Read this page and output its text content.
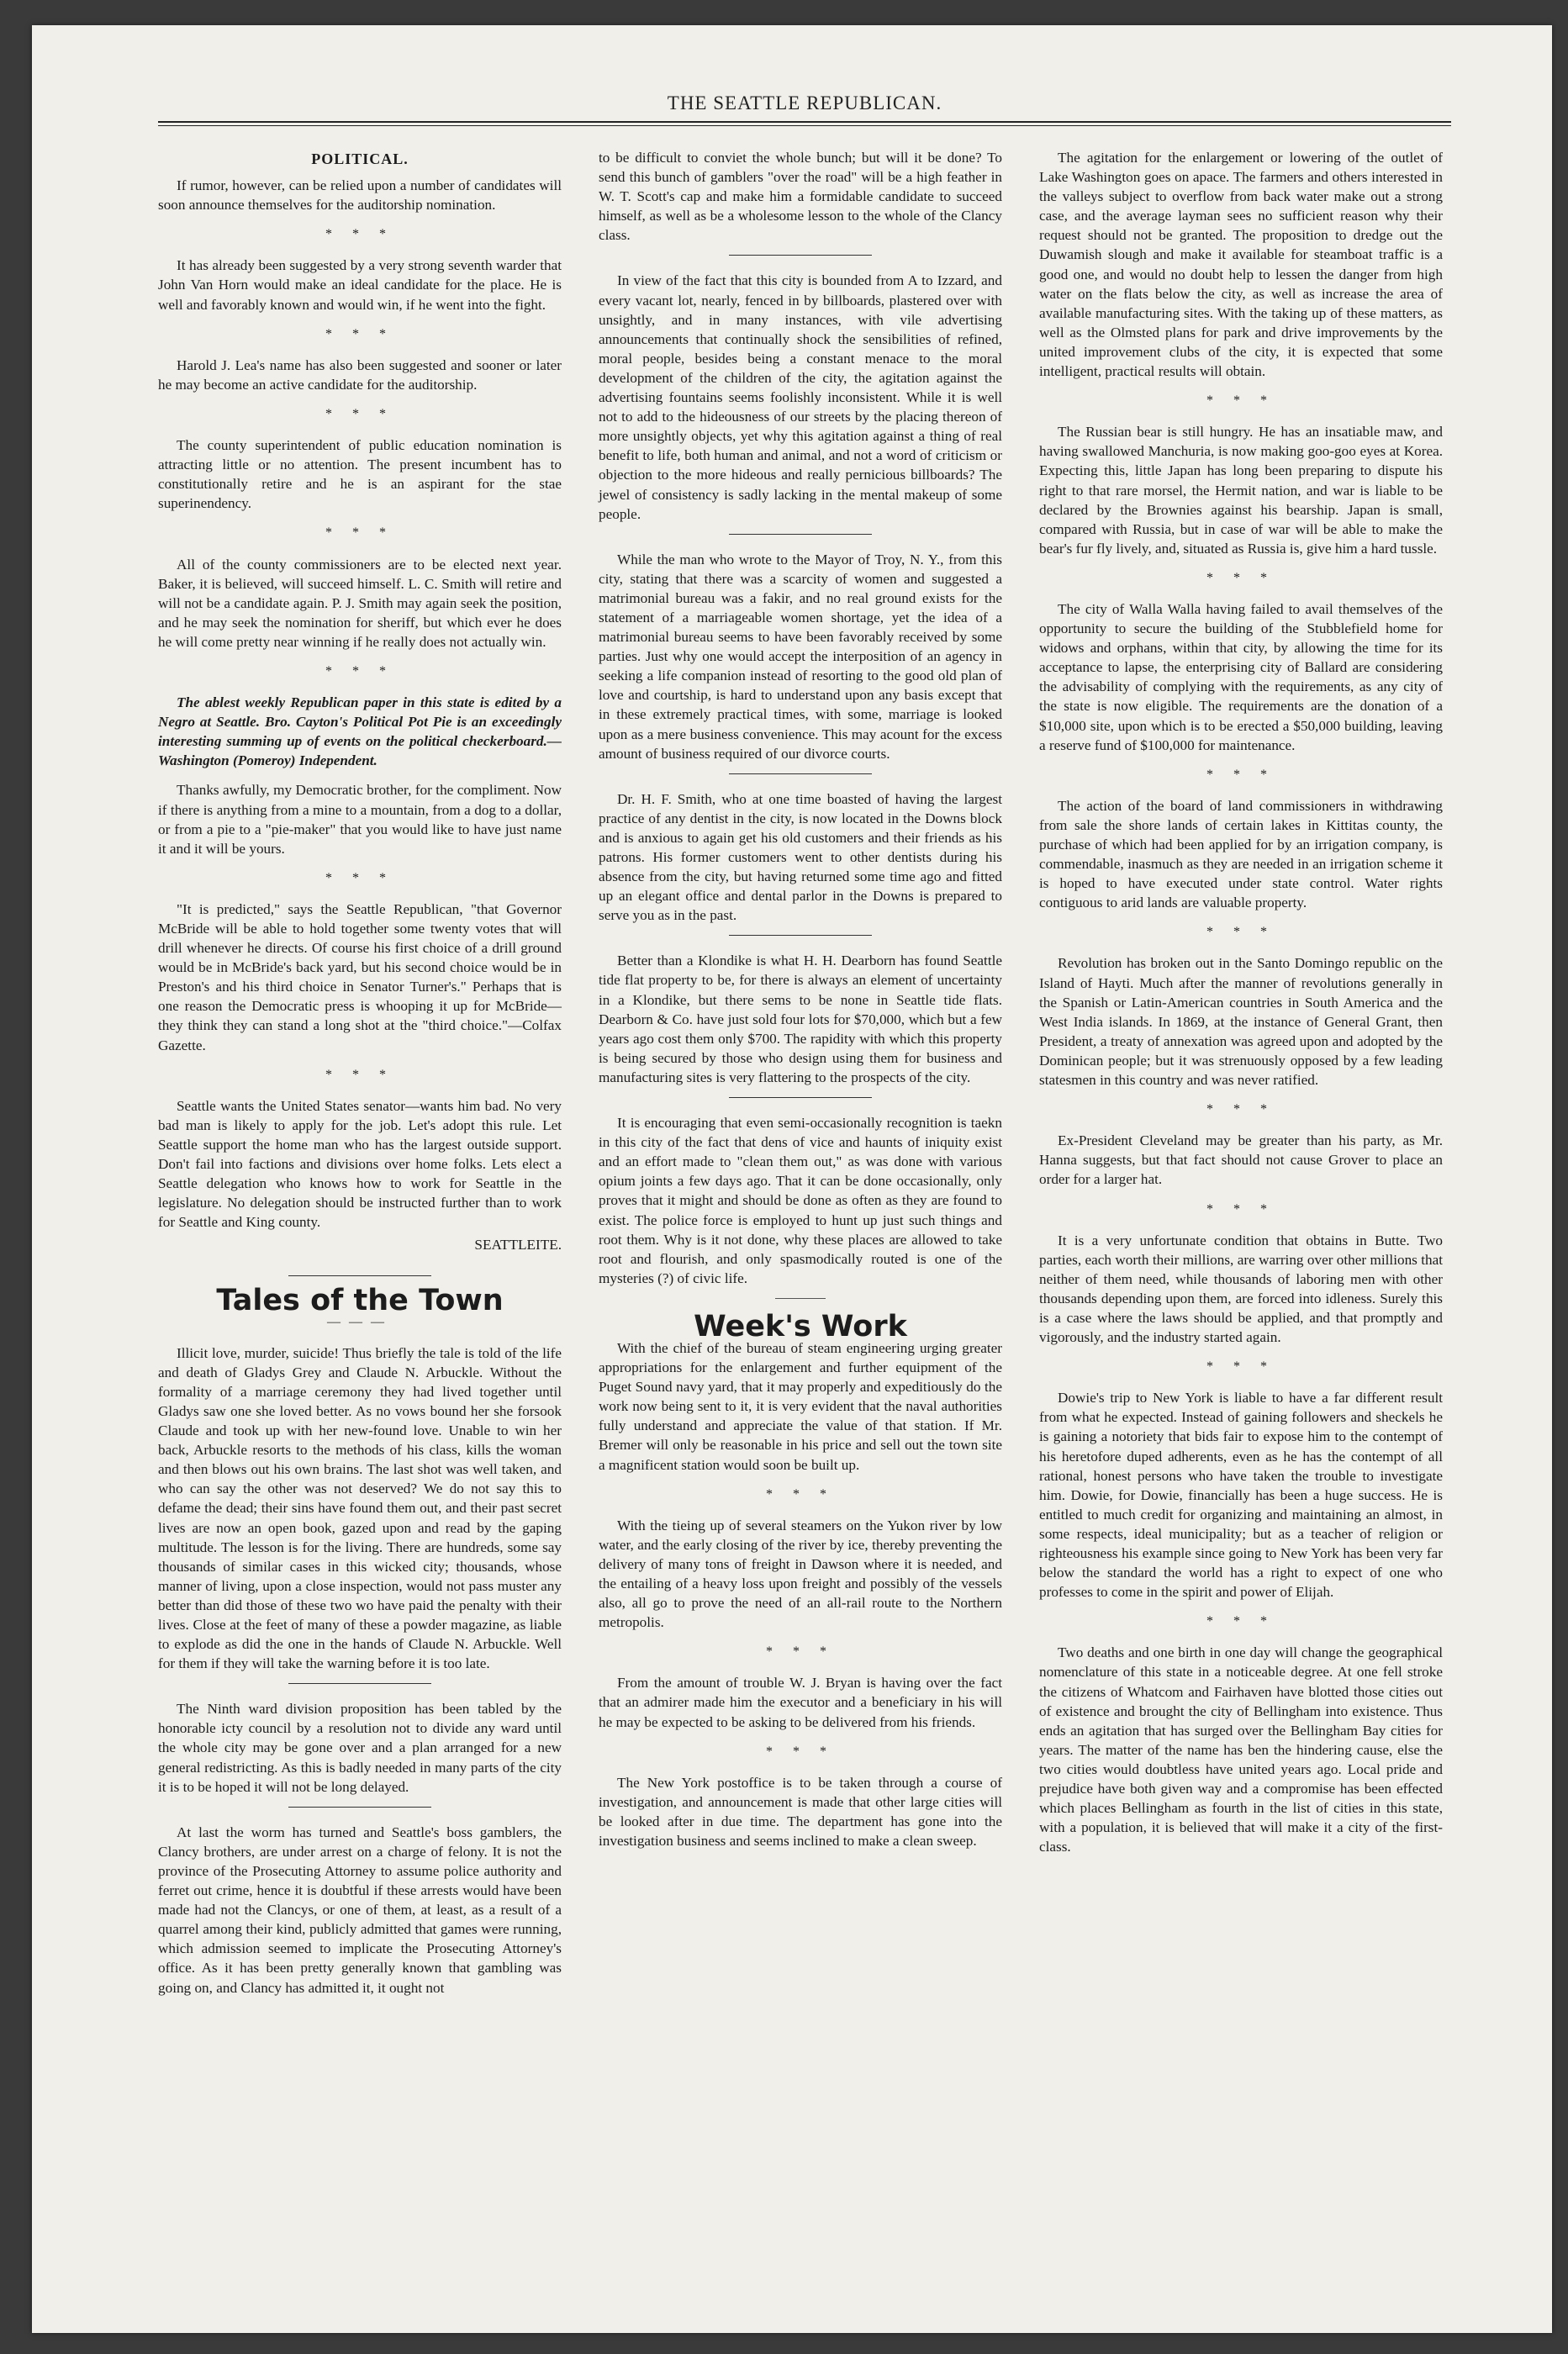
THE SEATTLE REPUBLICAN.
POLITICAL.

If rumor, however, can be relied upon a number of candidates will soon announce themselves for the auditorship nomination.

* * *

It has already been suggested by a very strong seventh warder that John Van Horn would make an ideal candidate for the place. He is well and favorably known and would win, if he went into the fight.

* * *

Harold J. Lea's name has also been suggested and sooner or later he may become an active candidate for the auditorship.

* * *

The county superintendent of public education nomination is attracting little or no attention. The present incumbent has to constitutionally retire and he is an aspirant for the stae superinendency.

* * *

All of the county commissioners are to be elected next year. Baker, it is believed, will succeed himself. L. C. Smith will retire and will not be a candidate again. P. J. Smith may again seek the position, and he may seek the nomination for sheriff, but which ever he does he will come pretty near winning if he really does not actually win.

* * *

The ablest weekly Republican paper in this state is edited by a Negro at Seattle. Bro. Cayton's Political Pot Pie is an exceedingly interesting summing up of events on the political checkerboard.—Washington (Pomeroy) Independent.

Thanks awfully, my Democratic brother, for the compliment. Now if there is anything from a mine to a mountain, from a dog to a dollar, or from a pie to a "pie-maker" that you would like to have just name it and it will be yours.

* * *

"It is predicted," says the Seattle Republican, "that Governor McBride will be able to hold together some twenty votes that will drill whenever he directs. Of course his first choice of a drill ground would be in McBride's back yard, but his second choice would be in Preston's and his third choice in Senator Turner's." Perhaps that is one reason the Democratic press is whooping it up for McBride—they think they can stand a long shot at the "third choice."—Colfax Gazette.

* * *

Seattle wants the United States senator—wants him bad. No very bad man is likely to apply for the job. Let's adopt this rule. Let Seattle support the home man who has the largest outside support. Don't fail into factions and divisions over home folks. Lets elect a Seattle delegation who knows how to work for Seattle in the legislature. No delegation should be instructed further than to work for Seattle and King county.

SEATTLEITE.
Tales of the Town
———

Illicit love, murder, suicide! Thus briefly the tale is told of the life and death of Gladys Grey and Claude N. Arbuckle. Without the formality of a marriage ceremony they had lived together until Gladys saw one she loved better. As no vows bound her she forsook Claude and took up with her new-found love. Unable to win her back, Arbuckle resorts to the methods of his class, kills the woman and then blows out his own brains. The last shot was well taken, and who can say the other was not deserved? We do not say this to defame the dead; their sins have found them out, and their past secret lives are now an open book, gazed upon and read by the gaping multitude. The lesson is for the living. There are hundreds, some say thousands of similar cases in this wicked city; thousands, whose manner of living, upon a close inspection, would not pass muster any better than did those of these two wo have paid the penalty with their lives. Close at the feet of many of these a powder magazine, as liable to explode as did the one in the hands of Claude N. Arbuckle. Well for them if they will take the warning before it is too late.

The Ninth ward division proposition has been tabled by the honorable icty council by a resolution not to divide any ward until the whole city may be gone over and a plan arranged for a new general redistricting. As this is badly needed in many parts of the city it is to be hoped it will not be long delayed.

At last the worm has turned and Seattle's boss gamblers, the Clancy brothers, are under arrest on a charge of felony. It is not the province of the Prosecuting Attorney to assume police authority and ferret out crime, hence it is doubtful if these arrests would have been made had not the Clancys, or one of them, at least, as a result of a quarrel among their kind, publicly admitted that games were running, which admission seemed to implicate the Prosecuting Attorney's office. As it has been pretty generally known that gambling was going on, and Clancy has admitted it, it ought not

to be difficult to conviet the whole bunch; but will it be done? To send this bunch of gamblers "over the road" will be a high feather in W. T. Scott's cap and make him a formidable candidate to succeed himself, as well as be a wholesome lesson to the whole of the Clancy class.

In view of the fact that this city is bounded from A to Izzard, and every vacant lot, nearly, fenced in by billboards, plastered over with unsightly, and in many instances, with vile advertising announcements that continually shock the sensibilities of refined, moral people, besides being a constant menace to the moral development of the children of the city, the agitation against the advertising fountains seems foolishly inconsistent. While it is well not to add to the hideousness of our streets by the placing thereon of more unsightly objects, yet why this agitation against a thing of real benefit to life, both human and animal, and not a word of criticism or objection to the more hideous and really pernicious billboards? The jewel of consistency is sadly lacking in the mental makeup of some people.

While the man who wrote to the Mayor of Troy, N. Y., from this city, stating that there was a scarcity of women and suggested a matrimonial bureau was a fakir, and no real ground exists for the statement of a marriageable women shortage, yet the idea of a matrimonial bureau seems to have been favorably received by some parties. Just why one would accept the interposition of an agency in seeking a life companion instead of resorting to the good old plan of love and courtship, is hard to understand upon any basis except that in these extremely practical times, with some, marriage is looked upon as a mere business convenience. This may acount for the excess amount of business required of our divorce courts.

Dr. H. F. Smith, who at one time boasted of having the largest practice of any dentist in the city, is now located in the Downs block and is anxious to again get his old customers and their friends as his patrons. His former customers went to other dentists during his absence from the city, but having returned some time ago and fitted up an elegant office and dental parlor in the Downs is prepared to serve you as in the past.

Better than a Klondike is what H. H. Dearborn has found Seattle tide flat property to be, for there is always an element of uncertainty in a Klondike, but there sems to be none in Seattle tide flats. Dearborn & Co. have just sold four lots for $70,000, which but a few years ago cost them only $700. The rapidity with which this property is being secured by those who design using them for business and manufacturing sites is very flattering to the prospects of the city.

It is encouraging that even semi-occasionally recognition is taekn in this city of the fact that dens of vice and haunts of iniquity exist and an effort made to "clean them out," as was done with various opium joints a few days ago. That it can be done occasionally, only proves that it might and should be done as often as they are found to exist. The police force is employed to hunt up just such things and root them. Why is it not done, why these places are allowed to take root and flourish, and only spasmodically routed is one of the mysteries (?) of civic life.

Week's Work

With the chief of the bureau of steam engineering urging greater appropriations for the enlargement and further equipment of the Puget Sound navy yard, that it may properly and expeditiously do the work now being sent to it, it is very evident that the naval authorities fully understand and appreciate the value of that station. If Mr. Bremer will only be reasonable in his price and sell out the town site a magnificent station would soon be built up.

* * *

With the tieing up of several steamers on the Yukon river by low water, and the early closing of the river by ice, thereby preventing the delivery of many tons of freight in Dawson where it is needed, and the entailing of a heavy loss upon freight and possibly of the vessels also, all go to prove the need of an all-rail route to the Northern metropolis.

* * *

From the amount of trouble W. J. Bryan is having over the fact that an admirer made him the executor and a beneficiary in his will he may be expected to be asking to be delivered from his friends.

* * *

The New York postoffice is to be taken through a course of investigation, and announcement is made that other large cities will be looked after in due time. The department has gone into the investigation business and seems inclined to make a clean sweep.

The agitation for the enlargement or lowering of the outlet of Lake Washington goes on apace. The farmers and others interested in the valleys subject to overflow from back water make out a strong case, and the average layman sees no sufficient reason why their request should not be granted. The proposition to dredge out the Duwamish slough and make it available for steamboat traffic is a good one, and would no doubt help to lessen the danger from high water on the flats below the city, as well as increase the area of available manufacturing sites. With the taking up of these matters, as well as the Olmsted plans for park and drive improvements by the united improvement clubs of the city, it is expected that some intelligent, practical results will obtain.

* * *

The Russian bear is still hungry. He has an insatiable maw, and having swallowed Manchuria, is now making goo-goo eyes at Korea. Expecting this, little Japan has long been preparing to dispute his right to that rare morsel, the Hermit nation, and war is liable to be declared by the Brownies against his bearship. Japan is small, compared with Russia, but in case of war will be able to make the bear's fur fly lively, and, situated as Russia is, give him a hard tussle.

* * *

The city of Walla Walla having failed to avail themselves of the opportunity to secure the building of the Stubblefield home for widows and orphans, within that city, by allowing the time for its acceptance to lapse, the enterprising city of Ballard are considering the advisability of complying with the requirements, as any city of the state is now eligible. The requirements are the donation of a $10,000 site, upon which is to be erected a $50,000 building, leaving a reserve fund of $100,000 for maintenance.

* * *

The action of the board of land commissioners in withdrawing from sale the shore lands of certain lakes in Kittitas county, the purchase of which had been applied for by an irrigation company, is commendable, inasmuch as they are needed in an irrigation scheme it is hoped to have executed under state control. Water rights contiguous to arid lands are valuable property.

* * *

Revolution has broken out in the Santo Domingo republic on the Island of Hayti. Much after the manner of revolutions generally in the Spanish or Latin-American countries in South America and the West India islands. In 1869, at the instance of General Grant, then President, a treaty of annexation was agreed upon and adopted by the Dominican people; but it was strenuously opposed by a few leading statesmen in this country and was never ratified.

* * *

Ex-President Cleveland may be greater than his party, as Mr. Hanna suggests, but that fact should not cause Grover to place an order for a larger hat.

* * *

It is a very unfortunate condition that obtains in Butte. Two parties, each worth their millions, are warring over other millions that neither of them need, while thousands of laboring men with other thousands depending upon them, are forced into idleness. Surely this is a case where the laws should be applied, and that promptly and vigorously, and the industry started again.

* * *

Dowie's trip to New York is liable to have a far different result from what he expected. Instead of gaining followers and sheckels he is gaining a notoriety that bids fair to expose him to the contempt of his heretofore duped adherents, even as he has the contempt of all rational, honest persons who have taken the trouble to investigate him. Dowie, for Dowie, financially has been a huge success. He is entitled to much credit for organizing and maintaining an almost, in some respects, ideal municipality; but as a teacher of religion or righteousness his example since going to New York has been very far below the standard the world has a right to expect of one who professes to come in the spirit and power of Elijah.

* * *

Two deaths and one birth in one day will change the geographical nomenclature of this state in a noticeable degree. At one fell stroke the citizens of Whatcom and Fairhaven have blotted those cities out of existence and brought the city of Bellingham into existence. Thus ends an agitation that has surged over the Bellingham Bay cities for years. The matter of the name has ben the hindering cause, else the two cities would doubtless have united years ago. Local pride and prejudice have both given way and a compromise has been effected which places Bellingham as fourth in the list of cities in this state, with a population, it is believed that will make it a city of the first-class.
